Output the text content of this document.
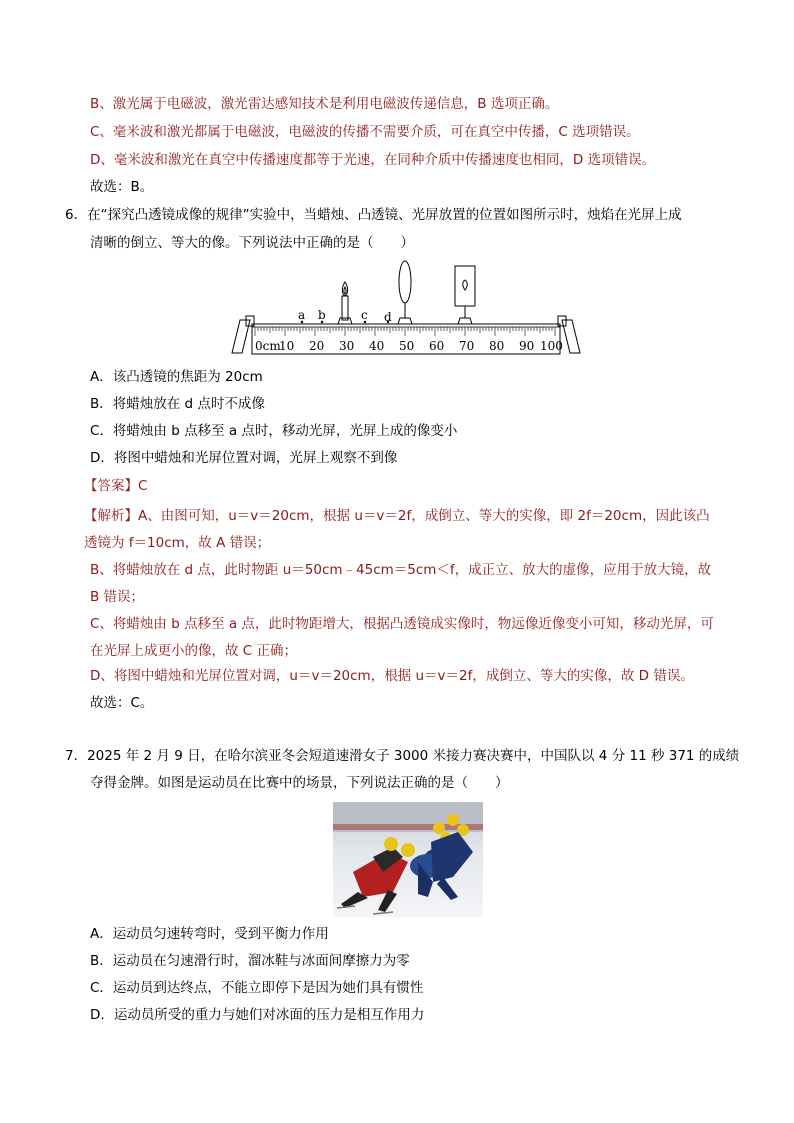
B、激光属于电磁波，激光雷达感知技术是利用电磁波传递信息，B 选项正确。
C、毫米波和激光都属于电磁波，电磁波的传播不需要介质，可在真空中传播，C 选项错误。
D、毫米波和激光在真空中传播速度都等于光速，在同种介质中传播速度也相同，D 选项错误。
故选：B。
6．在“探究凸透镜成像的规律”实验中，当蜡烛、凸透镜、光屏放置的位置如图所示时，烛焰在光屏上成
清晰的倒立、等大的像。下列说法中正确的是（　　）
a b	c d
0cm
10 20 30 40 50 60 70 80 90 100
A．该凸透镜的焦距为 20cm
B．将蜡烛放在 d 点时不成像
C．将蜡烛由 b 点移至 a 点时，移动光屏，光屏上成的像变小
D．将图中蜡烛和光屏位置对调，光屏上观察不到像
【答案】C
【解析】A、由图可知，u＝v＝20cm，根据 u＝v＝2f，成倒立、等大的实像，即 2f＝20cm，因此该凸透镜为 f＝10cm，故 A 错误；
B、将蜡烛放在 d 点，此时物距 u＝50cm﹣45cm＝5cm＜f，成正立、放大的虚像，应用于放大镜，故 B 错误；
C、将蜡烛由 b 点移至 a 点，此时物距增大，根据凸透镜成实像时，物远像近像变小可知，移动光屏，可在光屏上成更小的像，故 C 正确；
D、将图中蜡烛和光屏位置对调，u＝v＝20cm，根据 u＝v＝2f，成倒立、等大的实像，故 D 错误。
故选：C。
7．2025 年 2 月 9 日，在哈尔滨亚冬会短道速滑女子 3000 米接力赛决赛中，中国队以 4 分 11 秒 371 的成绩
夺得金牌。如图是运动员在比赛中的场景，下列说法正确的是（　　）
A．运动员匀速转弯时，受到平衡力作用
B．运动员在匀速滑行时，溜冰鞋与冰面间摩擦力为零
C．运动员到达终点，不能立即停下是因为她们具有惯性
D．运动员所受的重力与她们对冰面的压力是相互作用力
